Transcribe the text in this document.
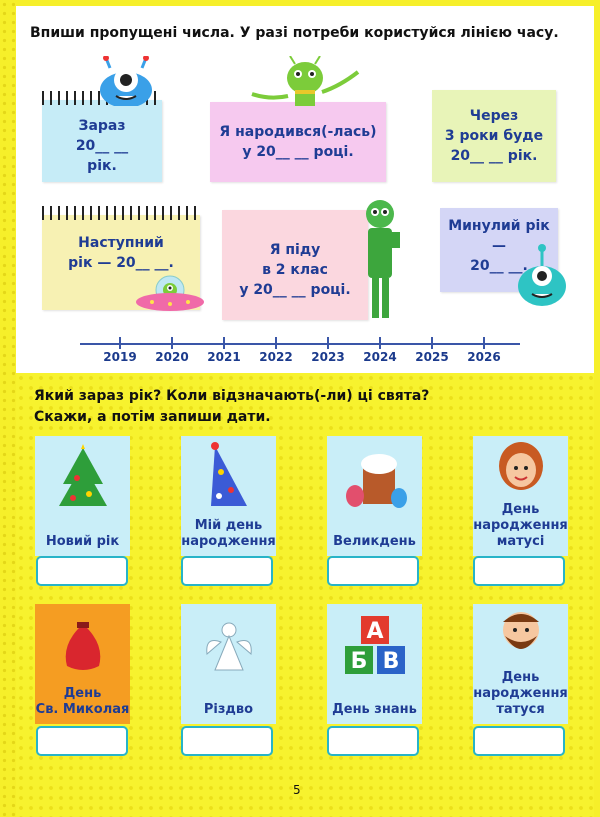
Впиши пропущені числа. У разі потреби користуйся лінією часу.
Зараз
20__ __
рік.
Я народився(-лась)
у 20__ __ році.
Через
3 роки буде
20__ __ рік.
Наступний
рік — 20__ __.
Я піду
в 2 клас
у 20__ __ році.
Минулий рік —
20__ __.
2019 2020 2021 2022 2023 2024 2025 2026
Який зараз рік? Коли відзначають(-ли) ці свята?
Скажи, а потім запиши дати.
Новий рік
Мій день
народження	Великдень
День
народження
матусі
День
Св. Миколая	Різдво
А
Б В
День знань
День
народження
татуся
5
